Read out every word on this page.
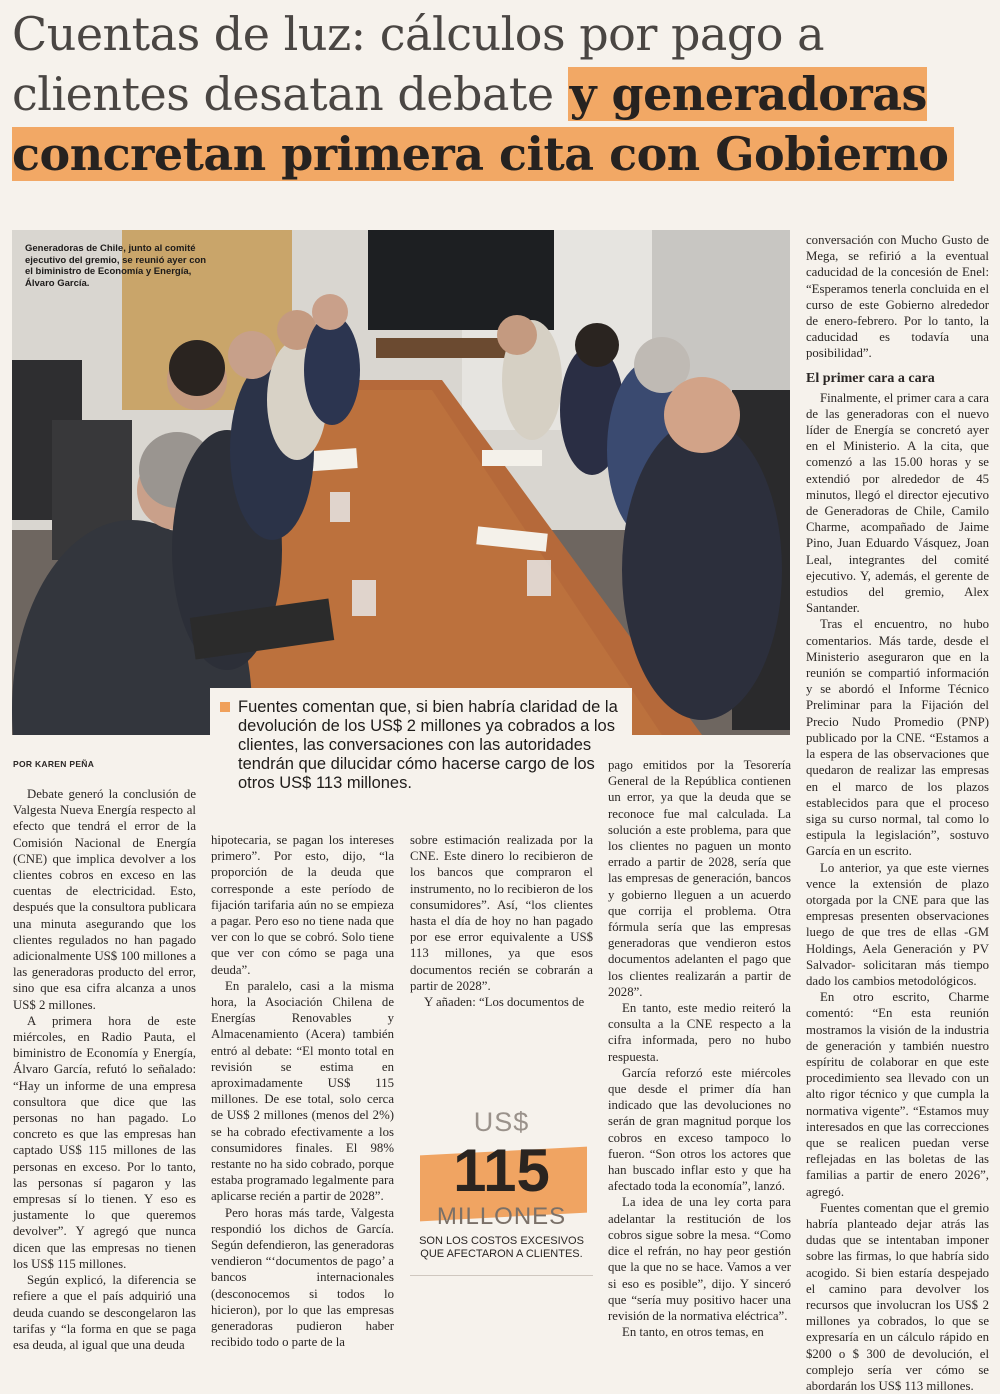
Cuentas de luz: cálculos por pago a clientes desatan debate y generadoras concretan primera cita con Gobierno
Generadoras de Chile, junto al comité ejecutivo del gremio, se reunió ayer con el biministro de Economía y Energía, Álvaro García.
Fuentes comentan que, si bien habría claridad de la devolución de los US$ 2 millones ya cobrados a los clientes, las conversaciones con las autoridades tendrán que dilucidar cómo hacerse cargo de los otros US$ 113 millones.
POR KAREN PEÑA

Debate generó la conclusión de Valgesta Nueva Energía respecto al efecto que tendrá el error de la Comisión Nacional de Energía (CNE) que implica devolver a los clientes cobros en exceso en las cuentas de electricidad. Esto, después que la consultora publicara una minuta asegurando que los clientes regulados no han pagado adicionalmente US$ 100 millones a las generadoras producto del error, sino que esa cifra alcanza a unos US$ 2 millones.

A primera hora de este miércoles, en Radio Pauta, el biministro de Economía y Energía, Álvaro García, refutó lo señalado: “Hay un informe de una empresa consultora que dice que las personas no han pagado. Lo concreto es que las empresas han captado US$ 115 millones de las personas en exceso. Por lo tanto, las personas sí pagaron y las empresas sí lo tienen. Y eso es justamente lo que queremos devolver”. Y agregó que nunca dicen que las empresas no tienen los US$ 115 millones.

Según explicó, la diferencia se refiere a que el país adquirió una deuda cuando se descongelaron las tarifas y “la forma en que se paga esa deuda, al igual que una deuda

hipotecaria, se pagan los intereses primero”. Por esto, dijo, “la proporción de la deuda que corresponde a este período de fijación tarifaria aún no se empieza a pagar. Pero eso no tiene nada que ver con lo que se cobró. Solo tiene que ver con cómo se paga una deuda”.

En paralelo, casi a la misma hora, la Asociación Chilena de Energías Renovables y Almacenamiento (Acera) también entró al debate: “El monto total en revisión se estima en aproximadamente US$ 115 millones. De ese total, solo cerca de US$ 2 millones (menos del 2%) se ha cobrado efectivamente a los consumidores finales. El 98% restante no ha sido cobrado, porque estaba programado legalmente para aplicarse recién a partir de 2028”.

Pero horas más tarde, Valgesta respondió los dichos de García. Según defendieron, las generadoras vendieron “‘documentos de pago’ a bancos internacionales (desconocemos si todos lo hicieron), por lo que las empresas generadoras pudieron haber recibido todo o parte de la

sobre estimación realizada por la CNE. Este dinero lo recibieron de los bancos que compraron el instrumento, no lo recibieron de los consumidores”. Así, “los clientes hasta el día de hoy no han pagado por ese error equivalente a US$ 113 millones, ya que esos documentos recién se cobrarán a partir de 2028”.

Y añaden: “Los documentos de

US$
115
MILLONES
SON LOS COSTOS EXCESIVOS QUE AFECTARON A CLIENTES.

pago emitidos por la Tesorería General de la República contienen un error, ya que la deuda que se reconoce fue mal calculada. La solución a este problema, para que los clientes no paguen un monto errado a partir de 2028, sería que las empresas de generación, bancos y gobierno lleguen a un acuerdo que corrija el problema. Otra fórmula sería que las empresas generadoras que vendieron estos documentos adelanten el pago que los clientes realizarán a partir de 2028”.

En tanto, este medio reiteró la consulta a la CNE respecto a la cifra informada, pero no hubo respuesta.

García reforzó este miércoles que desde el primer día han indicado que las devoluciones no serán de gran magnitud porque los cobros en exceso tampoco lo fueron. “Son otros los actores que han buscado inflar esto y que ha afectado toda la economía”, lanzó.

La idea de una ley corta para adelantar la restitución de los cobros sigue sobre la mesa. “Como dice el refrán, no hay peor gestión que la que no se hace. Vamos a ver si eso es posible”, dijo. Y sinceró que “sería muy positivo hacer una revisión de la normativa eléctrica”.

En tanto, en otros temas, en

conversación con Mucho Gusto de Mega, se refirió a la eventual caducidad de la concesión de Enel: “Esperamos tenerla concluida en el curso de este Gobierno alrededor de enero-febrero. Por lo tanto, la caducidad es todavía una posibilidad”.

El primer cara a cara

Finalmente, el primer cara a cara de las generadoras con el nuevo líder de Energía se concretó ayer en el Ministerio. A la cita, que comenzó a las 15.00 horas y se extendió por alrededor de 45 minutos, llegó el director ejecutivo de Generadoras de Chile, Camilo Charme, acompañado de Jaime Pino, Juan Eduardo Vásquez, Joan Leal, integrantes del comité ejecutivo. Y, además, el gerente de estudios del gremio, Alex Santander.

Tras el encuentro, no hubo comentarios. Más tarde, desde el Ministerio aseguraron que en la reunión se compartió información y se abordó el Informe Técnico Preliminar para la Fijación del Precio Nudo Promedio (PNP) publicado por la CNE. “Estamos a la espera de las observaciones que quedaron de realizar las empresas en el marco de los plazos establecidos para que el proceso siga su curso normal, tal como lo estipula la legislación”, sostuvo García en un escrito.

Lo anterior, ya que este viernes vence la extensión de plazo otorgada por la CNE para que las empresas presenten observaciones luego de que tres de ellas -GM Holdings, Aela Generación y PV Salvador- solicitaran más tiempo dado los cambios metodológicos.

En otro escrito, Charme comentó: “En esta reunión mostramos la visión de la industria de generación y también nuestro espíritu de colaborar en que este procedimiento sea llevado con un alto rigor técnico y que cumpla la normativa vigente”. “Estamos muy interesados en que las correcciones que se realicen puedan verse reflejadas en las boletas de las familias a partir de enero 2026”, agregó.

Fuentes comentan que el gremio habría planteado dejar atrás las dudas que se intentaban imponer sobre las firmas, lo que habría sido acogido. Si bien estaría despejado el camino para devolver los recursos que involucran los US$ 2 millones ya cobrados, lo que se expresaría en un cálculo rápido en $200 o $ 300 de devolución, el complejo sería ver cómo se abordarán los US$ 113 millones.
